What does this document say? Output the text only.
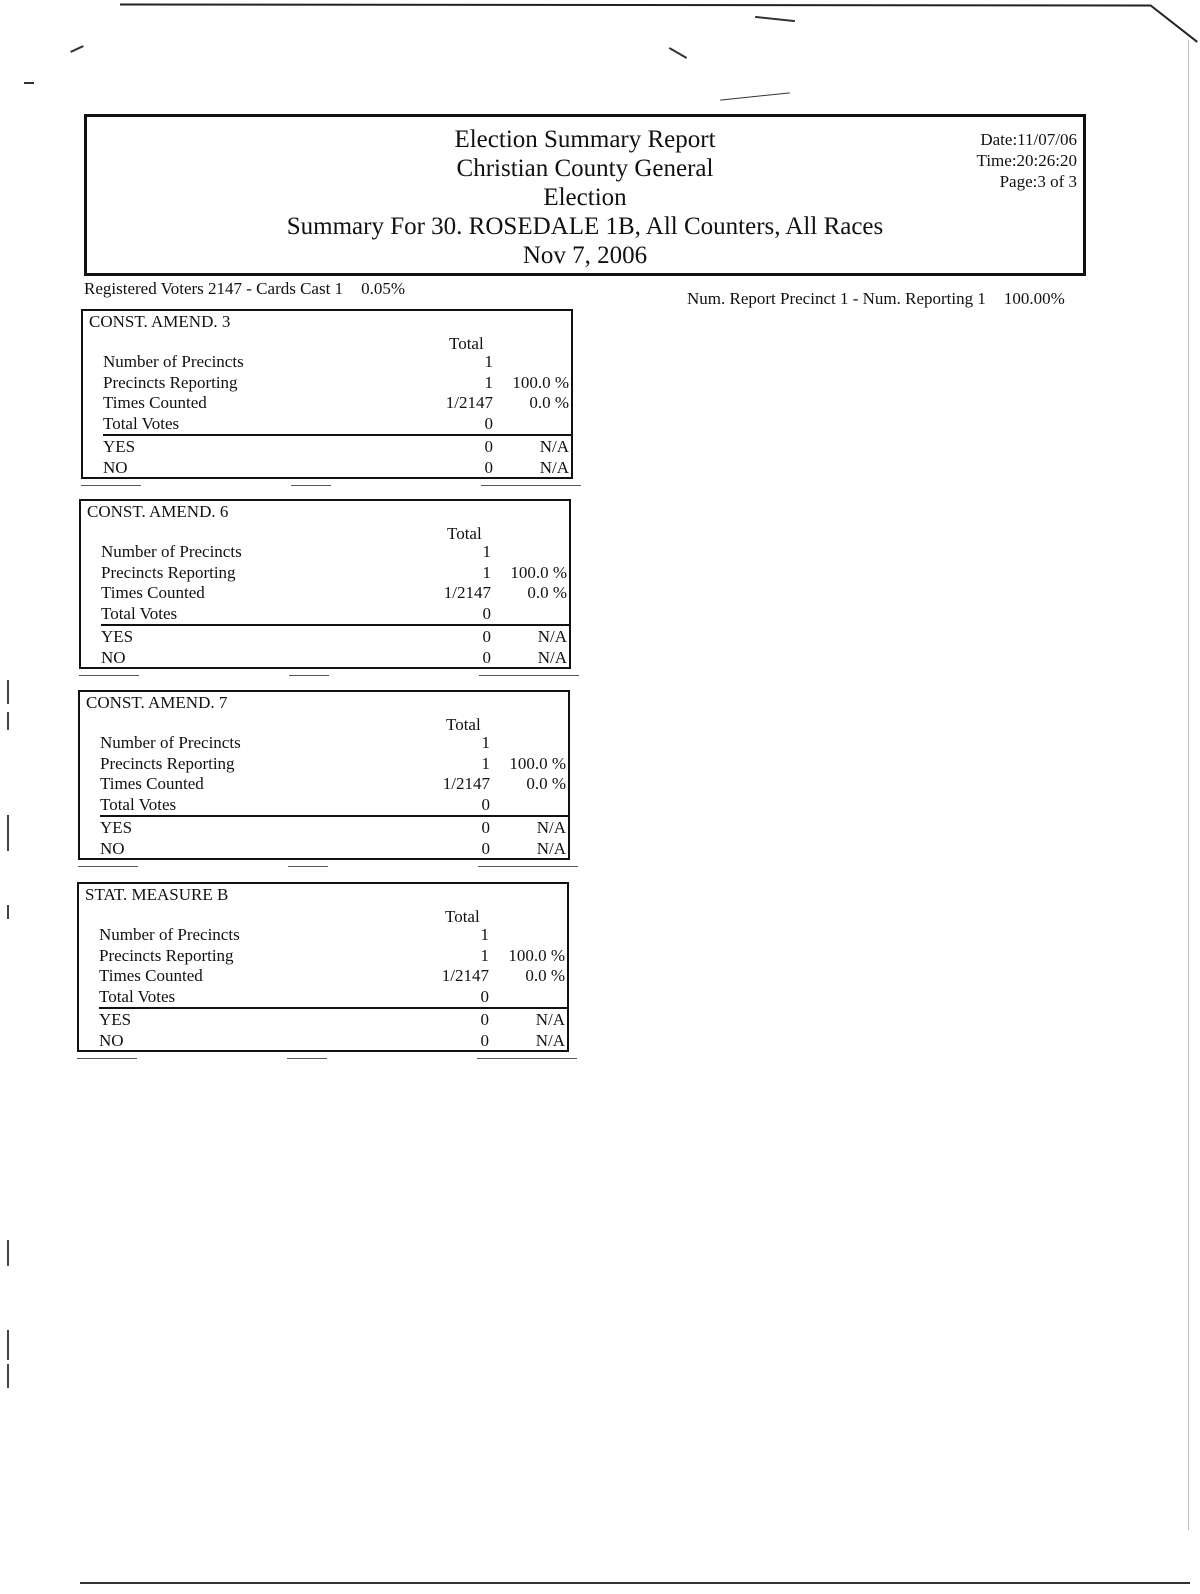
Election Summary Report
Christian County General
Election
Summary For 30. ROSEDALE 1B, All Counters, All Races
Nov 7, 2006
Date:11/07/06
Time:20:26:20
Page:3 of 3
Registered Voters 2147 - Cards Cast 1 0.05%
Num. Report Precinct 1 - Num. Reporting 1 100.00%
CONST. AMEND. 3
Total
Number of Precincts	1
Precincts Reporting	1 100.0 %
Times Counted	1/2147 0.0 %
Total Votes	0
YES	0	N/A
NO	0	N/A
CONST. AMEND. 6
Total
Number of Precincts	1
Precincts Reporting	1 100.0 %
Times Counted	1/2147 0.0 %
Total Votes	0
YES	0	N/A
NO	0	N/A
CONST. AMEND. 7
Total
Number of Precincts	1
Precincts Reporting	1 100.0 %
Times Counted	1/2147 0.0 %
Total Votes	0
YES	0	N/A
NO	0	N/A
STAT. MEASURE B
Total
Number of Precincts	1
Precincts Reporting	1 100.0 %
Times Counted	1/2147 0.0 %
Total Votes	0
YES	0	N/A
NO	0	N/A
